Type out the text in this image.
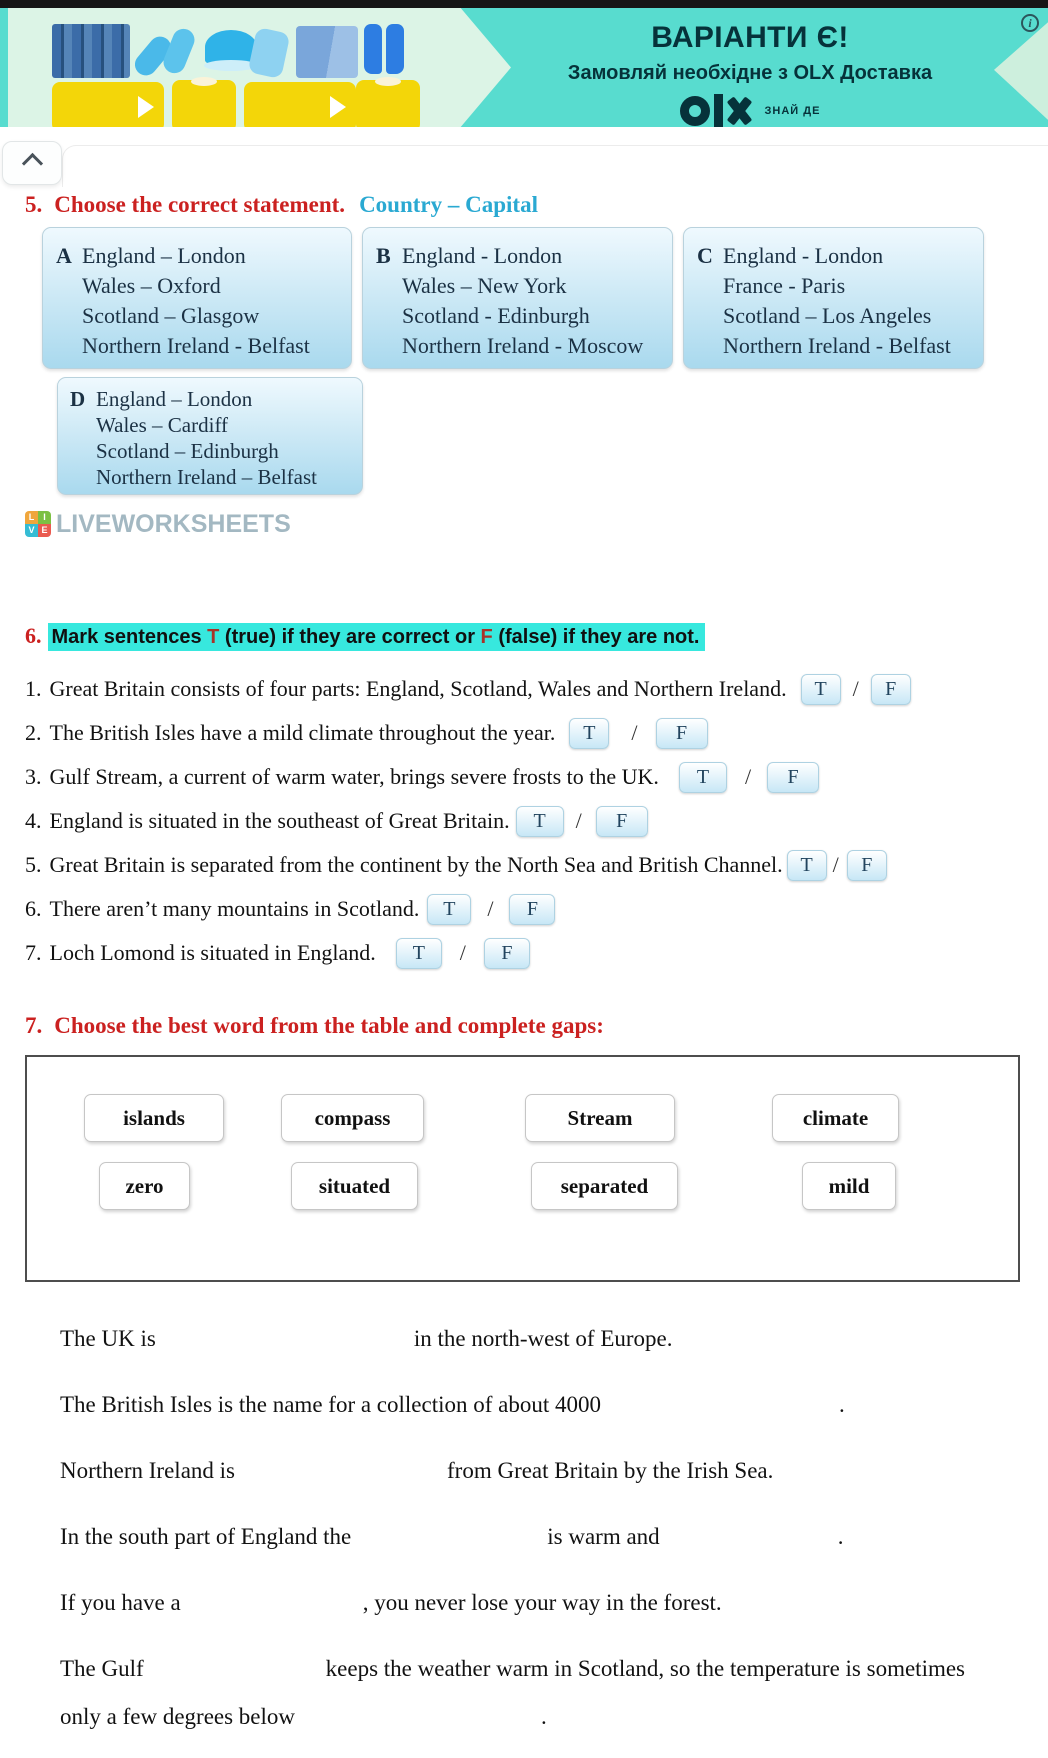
ВАРІАНТИ Є!
Замовляй необхідне з OLX Доставка
ЗНАЙ ДЕ
i
5. Choose the correct statement. Country – Capital
A England – London
Wales – Oxford
Scotland – Glasgow
Northern Ireland - Belfast
B England - London
Wales – New York
Scotland - Edinburgh
Northern Ireland - Moscow
C England - London
France - Paris
Scotland – Los Angeles
Northern Ireland - Belfast
D England – London
Wales – Cardiff
Scotland – Edinburgh
Northern Ireland – Belfast
L I
V E LIVEWORKSHEETS
6. Mark sentences T (true) if they are correct or F (false) if they are not.
1. Great Britain consists of four parts: England, Scotland, Wales and Northern Ireland.	T	/	F
2. The British Isles have a mild climate throughout the year.	T	/	F
3. Gulf Stream, a current of warm water, brings severe frosts to the UK.	T	/	F
4. England is situated in the southeast of Great Britain.	T	/	F
5. Great Britain is separated from the continent by the North Sea and British Channel. T /	F
6. There aren’t many mountains in Scotland.	T	/	F
7. Loch Lomond is situated in England.	T	/	F
7. Choose the best word from the table and complete gaps:
islands	compass	Stream	climate
zero	situated	separated	mild
The UK is	in the north-west of Europe.
The British Isles is the name for a collection of about 4000	.
Northern Ireland is	from Great Britain by the Irish Sea.
In the south part of England the	is warm and	.
If you have a	, you never lose your way in the forest.
The Gulf	keeps the weather warm in Scotland, so the temperature is sometimes
only a few degrees below	.
